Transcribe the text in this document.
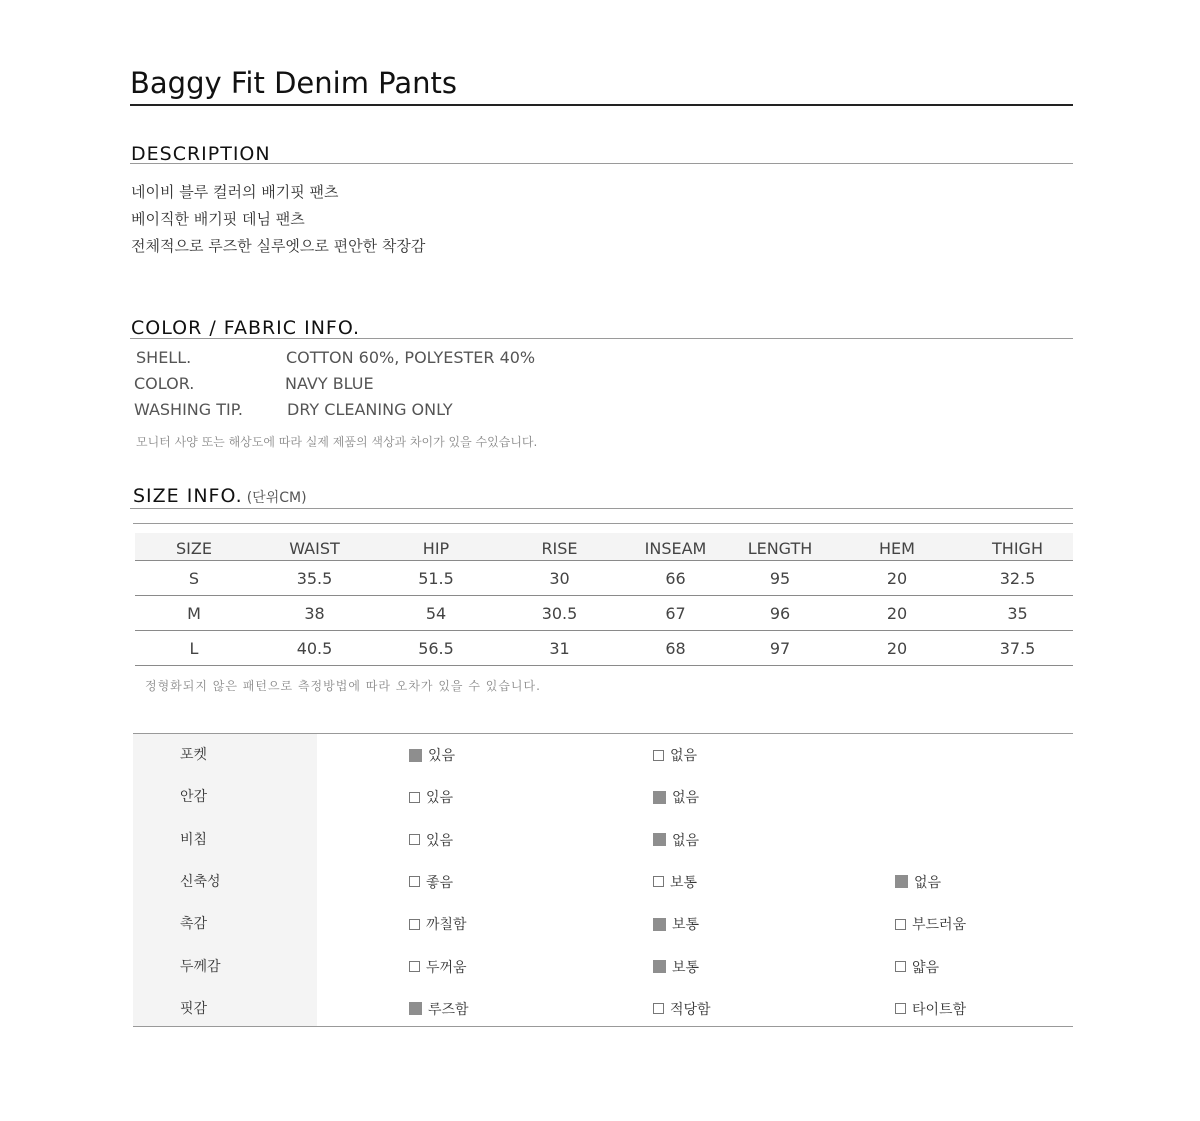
Baggy Fit Denim Pants
DESCRIPTION
네이비 블루 컬러의 배기핏 팬츠
베이직한 배기핏 데님 팬츠
전체적으로 루즈한 실루엣으로 편안한 착장감
COLOR / FABRIC INFO.
SHELL.	COTTON 60%, POLYESTER 40%
COLOR.	NAVY BLUE
WASHING TIP.	DRY CLEANING ONLY
모니터 사양 또는 해상도에 따라 실제 제품의 색상과 차이가 있을 수있습니다.
SIZE INFO. (단위CM)
SIZE	WAIST	HIP	RISE	INSEAM	LENGTH	HEM	THIGH
S	35.5	51.5	30	66	95	20	32.5
M	38	54	30.5	67	96	20	35
L	40.5	56.5	31	68	97	20	37.5
정형화되지 않은 패턴으로 측정방법에 따라 오차가 있을 수 있습니다.
포켓	있음	없음
안감	있음	없음
비침	있음	없음
신축성	좋음	보통	없음
촉감	까칠함	보통	부드러움
두께감	두꺼움	보통	얇음
핏감	루즈함	적당함	타이트함
